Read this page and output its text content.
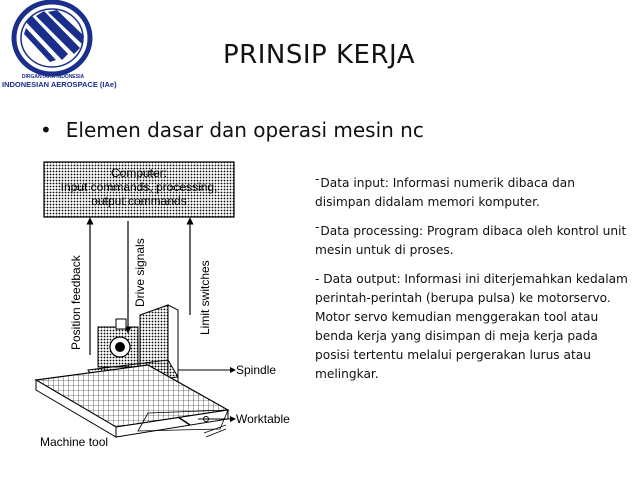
DIRGANTARA INDONESIA
INDONESIAN AEROSPACE (IAe)
PRINSIP KERJA
• Elemen dasar dan operasi mesin nc
Computer:
Input commands, processing,
output commands
Position feedback	Drive signals	Limit switches
Spindle
Worktable
Machine tool

- Data input: Informasi numerik dibaca dan disimpan didalam memori komputer.

- Data processing: Program dibaca oleh kontrol unit mesin untuk di proses.

- Data output: Informasi ini diterjemahkan kedalam perintah-perintah (berupa pulsa) ke motorservo. Motor servo kemudian menggerakan tool atau benda kerja yang disimpan di meja kerja pada posisi tertentu melalui pergerakan lurus atau melingkar.
